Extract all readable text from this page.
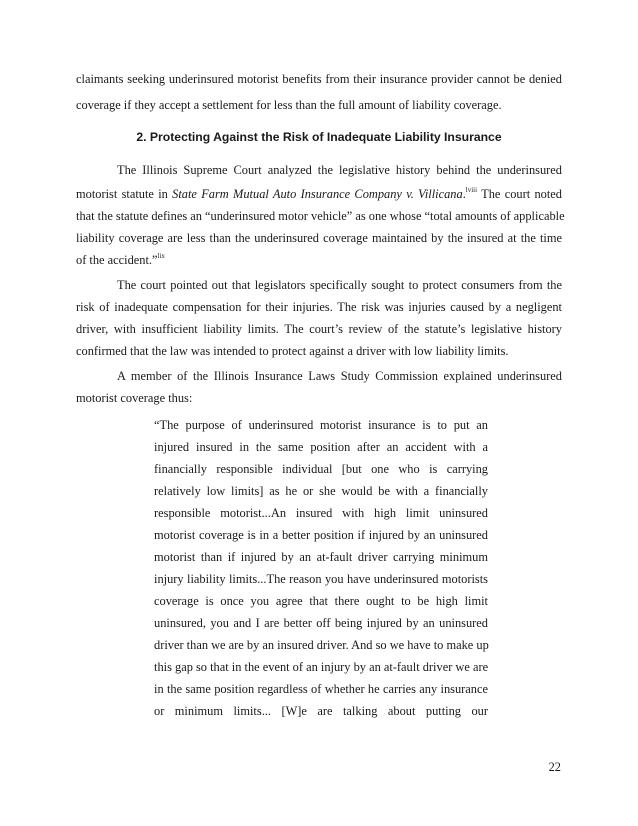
claimants seeking underinsured motorist benefits from their insurance provider cannot be denied
coverage if they accept a settlement for less than the full amount of liability coverage.
2. Protecting Against the Risk of Inadequate Liability Insurance
The Illinois Supreme Court analyzed the legislative history behind the underinsured
motorist statute in State Farm Mutual Auto Insurance Company v. Villicana.$^{lviii}$ The court noted
that the statute defines an “underinsured motor vehicle” as one whose “total amounts of applicable
liability coverage are less than the underinsured coverage maintained by the insured at the time
of the accident.”$^{lix}$
The court pointed out that legislators specifically sought to protect consumers from the
risk of inadequate compensation for their injuries. The risk was injuries caused by a negligent
driver, with insufficient liability limits. The court’s review of the statute’s legislative history
confirmed that the law was intended to protect against a driver with low liability limits.
A member of the Illinois Insurance Laws Study Commission explained underinsured
motorist coverage thus:
“The purpose of underinsured motorist insurance is to put an
injured insured in the same position after an accident with a
financially responsible individual [but one who is carrying
relatively low limits] as he or she would be with a financially
responsible motorist...An insured with high limit uninsured
motorist coverage is in a better position if injured by an uninsured
motorist than if injured by an at-fault driver carrying minimum
injury liability limits...The reason you have underinsured motorists
coverage is once you agree that there ought to be high limit
uninsured, you and I are better off being injured by an uninsured
driver than we are by an insured driver. And so we have to make up
this gap so that in the event of an injury by an at-fault driver we are
in the same position regardless of whether he carries any insurance
or minimum limits... [W]e are talking about putting our
22
